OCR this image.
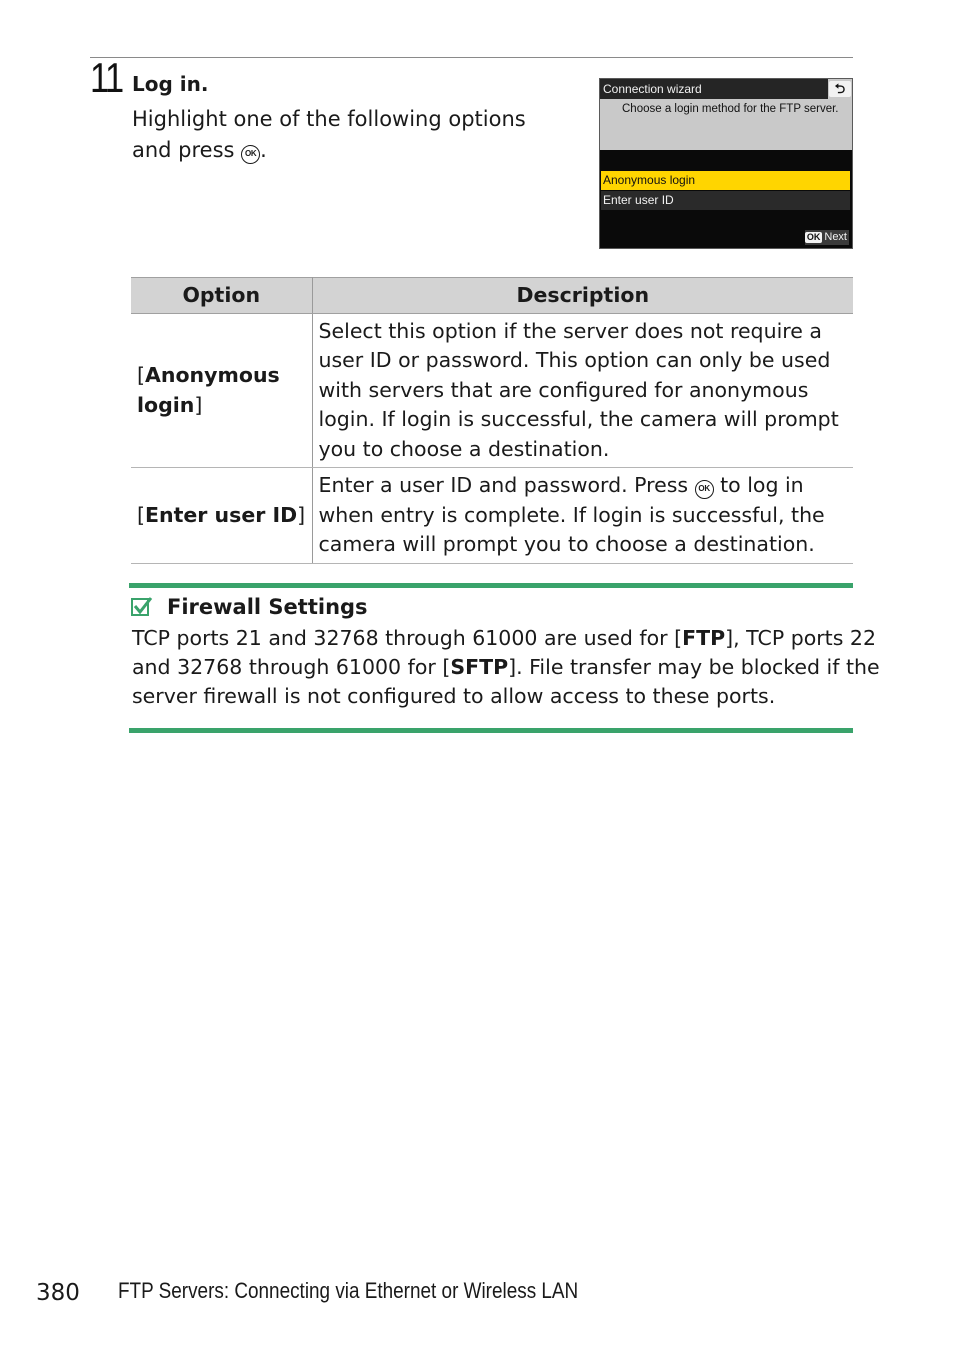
11 Log in.
Highlight one of the following options
and press OK .
Connection wizard	⮌
Choose a login method for the FTP server.
Anonymous login
Enter user ID
OK Next
Option	Description
[Anonymous login]	Select this option if the server does not require a user ID or password. This option can only be used with servers that are configured for anonymous login. If login is successful, the camera will prompt you to choose a destination.
[Enter user ID]	Enter a user ID and password. Press OK to log in when entry is complete. If login is successful, the camera will prompt you to choose a destination.
Firewall Settings
TCP ports 21 and 32768 through 61000 are used for [FTP], TCP ports 22
and 32768 through 61000 for [SFTP]. File transfer may be blocked if the
server firewall is not configured to allow access to these ports.
380 FTP Servers: Connecting via Ethernet or Wireless LAN
